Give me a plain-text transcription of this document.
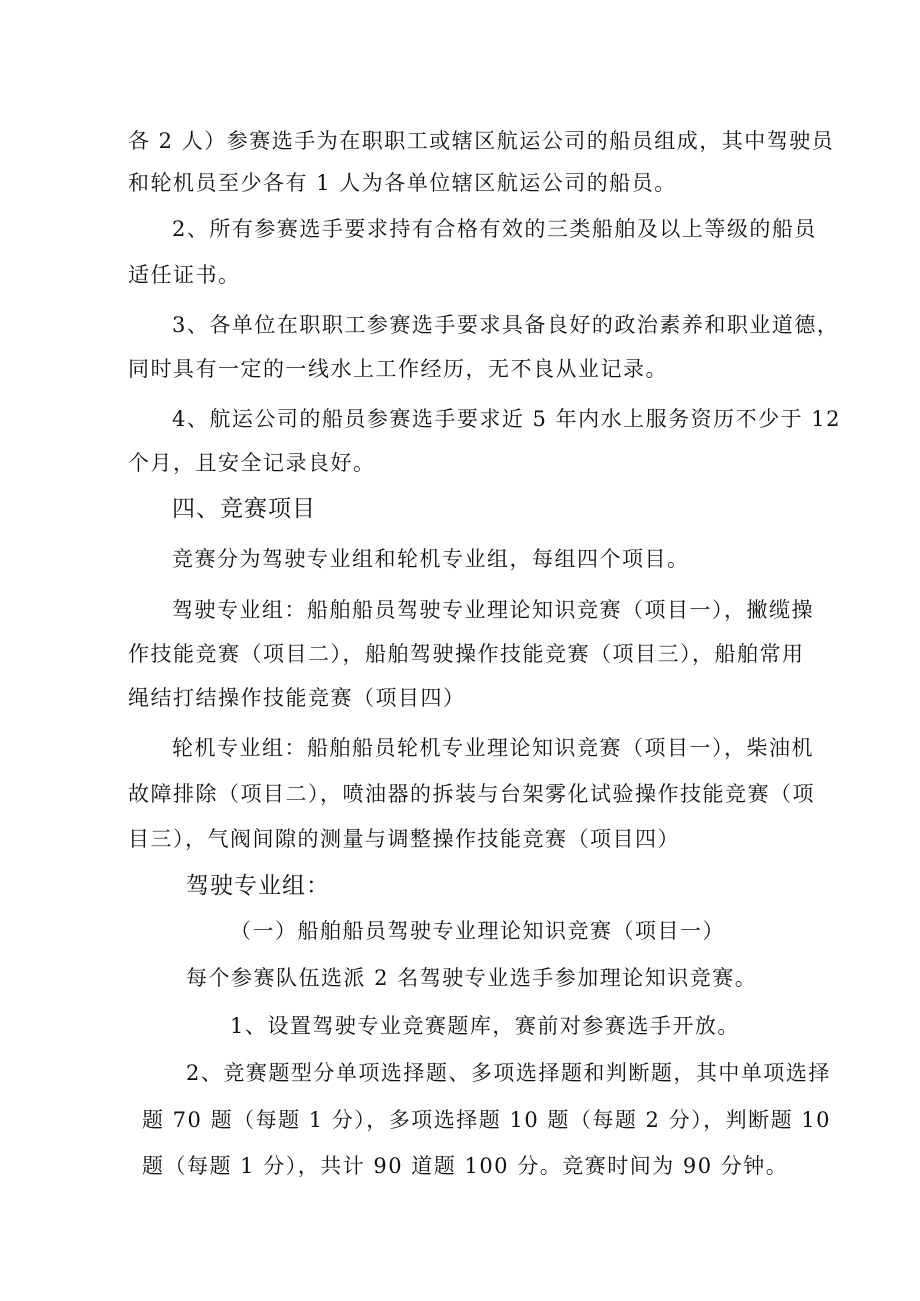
各 2 人）参赛选手为在职职工或辖区航运公司的船员组成，其中驾驶员
和轮机员至少各有 1 人为各单位辖区航运公司的船员。
2、所有参赛选手要求持有合格有效的三类船舶及以上等级的船员
适任证书。
3、各单位在职职工参赛选手要求具备良好的政治素养和职业道德，
同时具有一定的一线水上工作经历，无不良从业记录。
4、航运公司的船员参赛选手要求近 5 年内水上服务资历不少于 12
个月，且安全记录良好。
四、竞赛项目
竞赛分为驾驶专业组和轮机专业组，每组四个项目。
驾驶专业组：船舶船员驾驶专业理论知识竞赛（项目一），撇缆操
作技能竞赛（项目二），船舶驾驶操作技能竞赛（项目三），船舶常用
绳结打结操作技能竞赛（项目四）
轮机专业组：船舶船员轮机专业理论知识竞赛（项目一），柴油机
故障排除（项目二），喷油器的拆装与台架雾化试验操作技能竞赛（项
目三），气阀间隙的测量与调整操作技能竞赛（项目四）
驾驶专业组：
（一）船舶船员驾驶专业理论知识竞赛（项目一）
每个参赛队伍选派 2 名驾驶专业选手参加理论知识竞赛。
1、设置驾驶专业竞赛题库，赛前对参赛选手开放。
2、竞赛题型分单项选择题、多项选择题和判断题，其中单项选择
题 70 题（每题 1 分），多项选择题 10 题（每题 2 分），判断题 10
题（每题 1 分），共计 90 道题 100 分。竞赛时间为 90 分钟。
